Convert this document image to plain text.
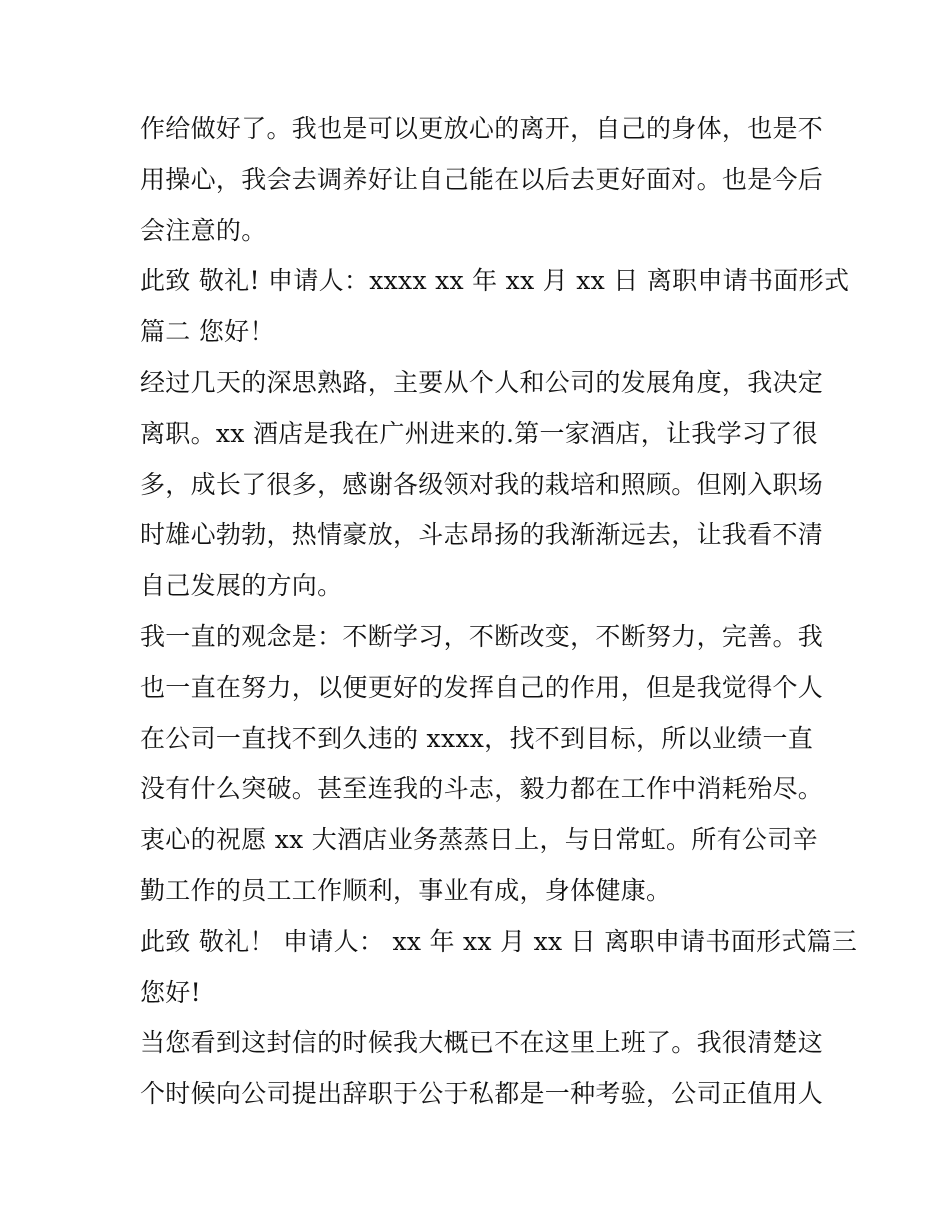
作给做好了。我也是可以更放心的离开，自己的身体，也是不
用操心，我会去调养好让自己能在以后去更好面对。也是今后
会注意的。
此致 敬礼! 申请人：xxxx xx 年 xx 月 xx 日 离职申请书面形式
篇二 您好！
经过几天的深思熟路，主要从个人和公司的发展角度，我决定
离职。xx 酒店是我在广州进来的.第一家酒店，让我学习了很
多，成长了很多，感谢各级领对我的栽培和照顾。但刚入职场
时雄心勃勃，热情豪放，斗志昂扬的我渐渐远去，让我看不清
自己发展的方向。
我一直的观念是：不断学习，不断改变，不断努力，完善。我
也一直在努力，以便更好的发挥自己的作用，但是我觉得个人
在公司一直找不到久违的 xxxx，找不到目标，所以业绩一直
没有什么突破。甚至连我的斗志，毅力都在工作中消耗殆尽。
衷心的祝愿 xx 大酒店业务蒸蒸日上，与日常虹。所有公司辛
勤工作的员工工作顺利，事业有成，身体健康。
此致 敬礼！ 申请人： xx 年 xx 月 xx 日 离职申请书面形式篇三
您好!
当您看到这封信的时候我大概已不在这里上班了。我很清楚这
个时候向公司提出辞职于公于私都是一种考验，公司正值用人
